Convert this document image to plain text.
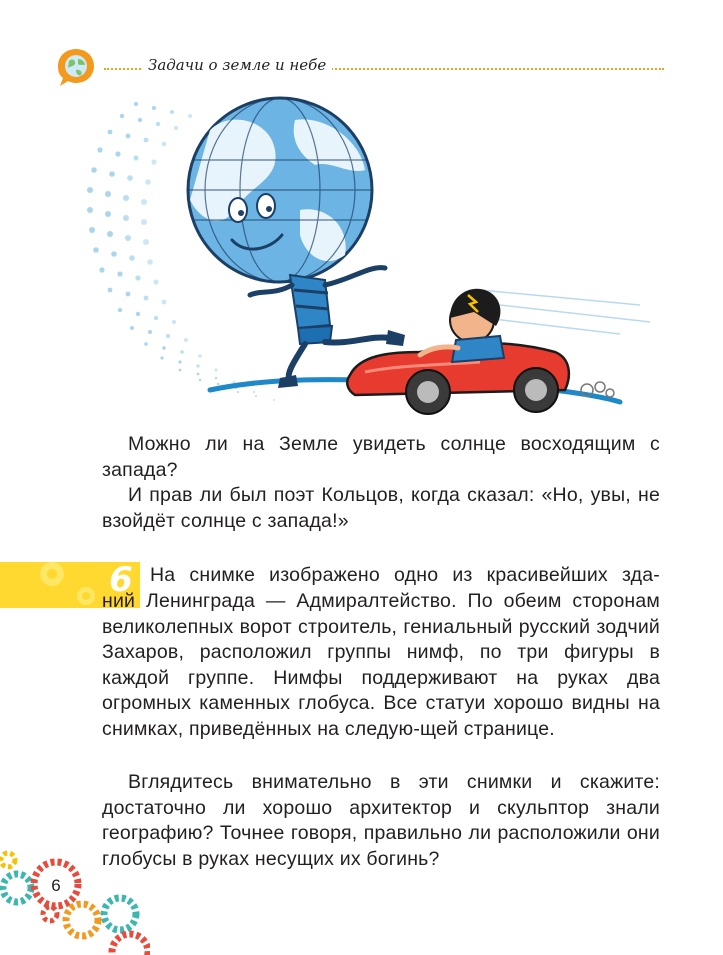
Задачи о земле и небе

Можно ли на Земле увидеть солнце восходящим с запада?

И прав ли был поэт Кольцов, когда сказал: «Но, увы, не взойдёт солнце с запада!»

6 На снимке изображено одно из красивейших зда-

ний Ленинграда — Адмиралтейство. По обеим сторонам великолепных ворот строитель, гениальный русский зодчий Захаров, расположил группы нимф, по три фигуры в каждой группе. Нимфы поддерживают на руках два огромных каменных глобуса. Все статуи хорошо видны на снимках, приведённых на следую-щей странице.

Вглядитесь внимательно в эти снимки и скажите: достаточно ли хорошо архитектор и скульптор знали географию? Точнее говоря, правильно ли расположили они глобусы в руках несущих их богинь?

6
